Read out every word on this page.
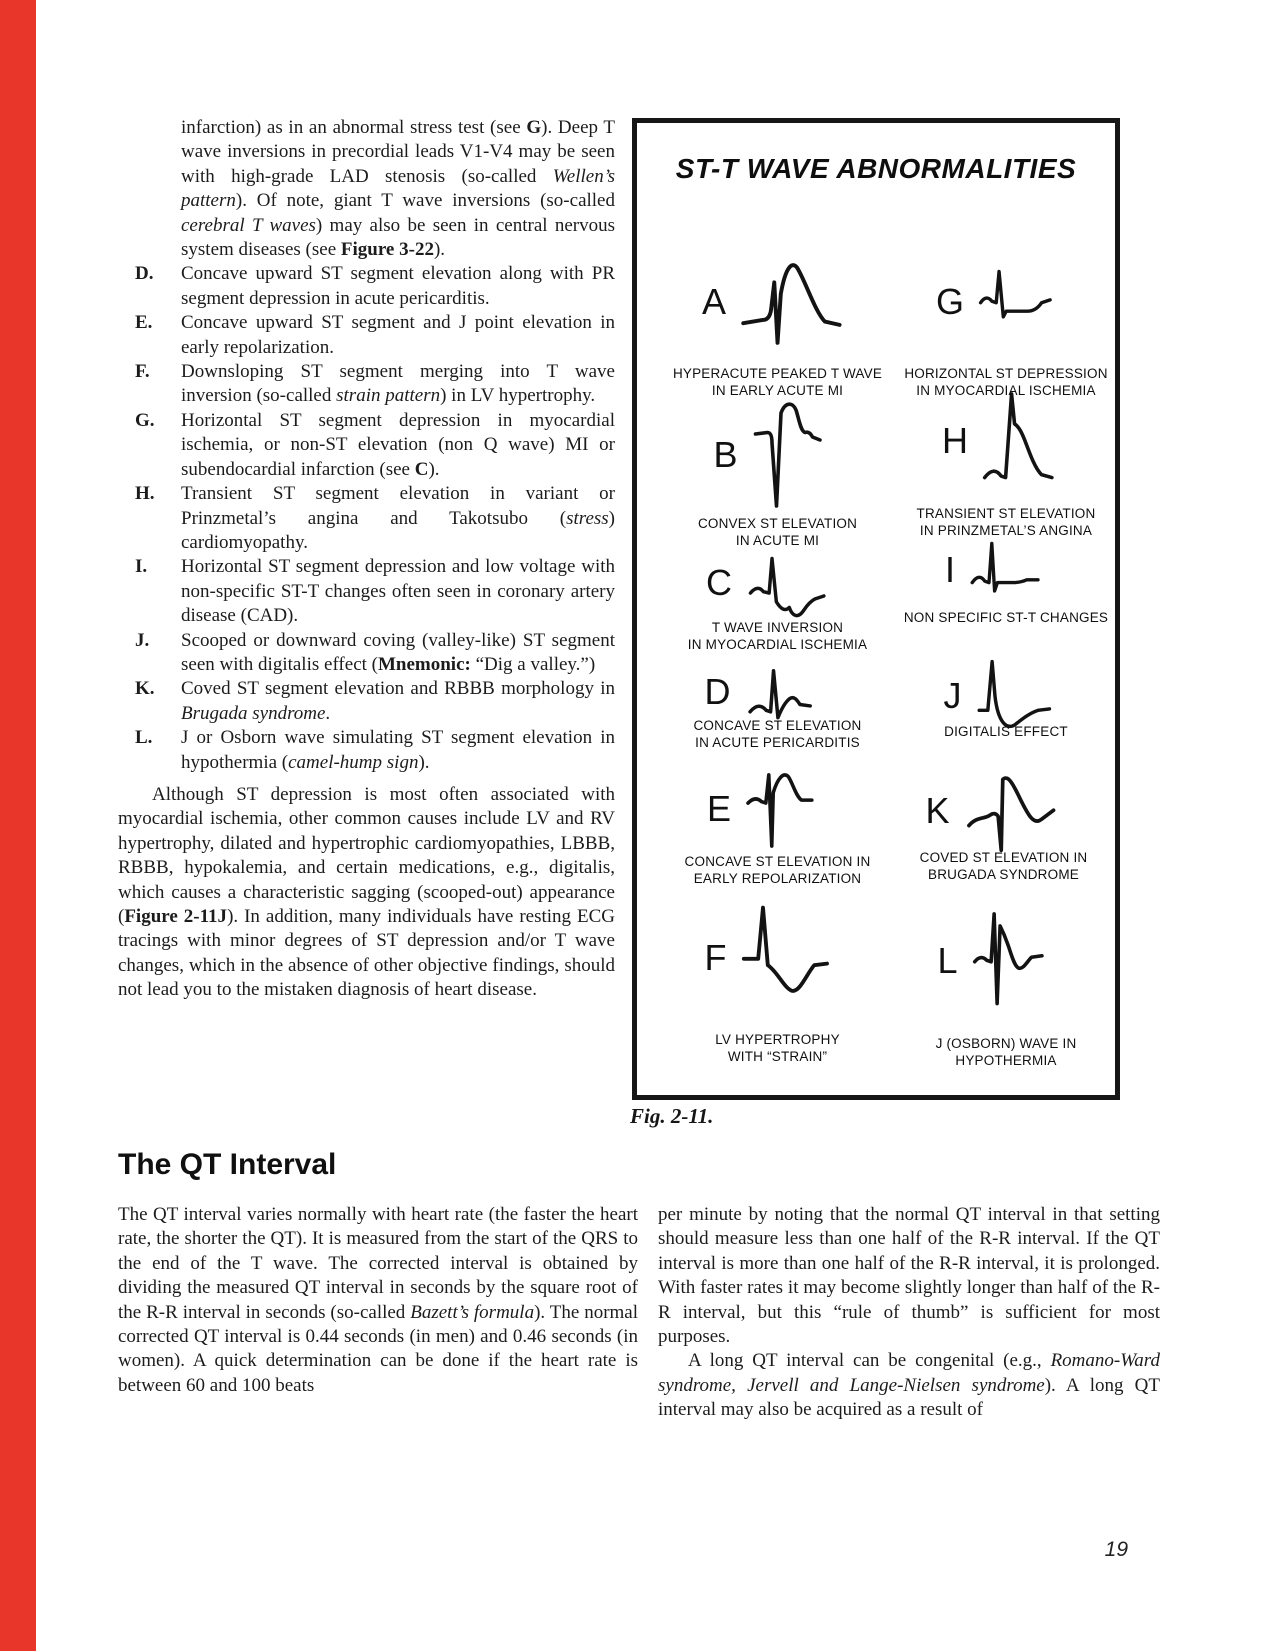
infarction) as in an abnormal stress test (see G). Deep T wave inversions in precordial leads V1-V4 may be seen with high-grade LAD stenosis (so-called Wellen’s pattern). Of note, giant T wave inversions (so-called cerebral T waves) may also be seen in central nervous system diseases (see Figure 3-22).

D. Concave upward ST segment elevation along with PR segment depression in acute pericarditis.
E. Concave upward ST segment and J point elevation in early repolarization.
F. Downsloping ST segment merging into T wave inversion (so-called strain pattern) in LV hypertrophy.
G. Horizontal ST segment depression in myocardial ischemia, or non-ST elevation (non Q wave) MI or subendocardial infarction (see C).
H. Transient ST segment elevation in variant or Prinzmetal’s angina and Takotsubo (stress) cardiomyopathy.
I. Horizontal ST segment depression and low voltage with non-specific ST-T changes often seen in coronary artery disease (CAD).
J. Scooped or downward coving (valley-like) ST segment seen with digitalis effect (Mnemonic: “Dig a valley.”)
K. Coved ST segment elevation and RBBB morphology in Brugada syndrome.
L. J or Osborn wave simulating ST segment elevation in hypothermia (camel-hump sign).

Although ST depression is most often associated with myocardial ischemia, other common causes include LV and RV hypertrophy, dilated and hypertrophic cardiomyopathies, LBBB, RBBB, hypokalemia, and certain medications, e.g., digitalis, which causes a characteristic sagging (scooped-out) appearance (Figure 2-11J). In addition, many individuals have resting ECG tracings with minor degrees of ST depression and/or T wave changes, which in the absence of other objective findings, should not lead you to the mistaken diagnosis of heart disease.

ST-T WAVE ABNORMALITIES
A
HYPERACUTE PEAKED T WAVE
IN EARLY ACUTE MI
B
CONVEX ST ELEVATION
IN ACUTE MI
C
T WAVE INVERSION
IN MYOCARDIAL ISCHEMIA
D
CONCAVE ST ELEVATION
IN ACUTE PERICARDITIS
E
CONCAVE ST ELEVATION IN
EARLY REPOLARIZATION
F
LV HYPERTROPHY
WITH “STRAIN”
G
HORIZONTAL ST DEPRESSION
IN MYOCARDIAL ISCHEMIA
H
TRANSIENT ST ELEVATION
IN PRINZMETAL’S ANGINA
I
NON SPECIFIC ST-T CHANGES
J
DIGITALIS EFFECT
K
COVED ST ELEVATION IN
BRUGADA SYNDROME
L
J (OSBORN) WAVE IN
HYPOTHERMIA
Fig. 2-11.
The QT Interval

The QT interval varies normally with heart rate (the faster the heart rate, the shorter the QT). It is measured from the start of the QRS to the end of the T wave. The corrected interval is obtained by dividing the measured QT interval in seconds by the square root of the R-R interval in seconds (so-called Bazett’s formula). The normal corrected QT interval is 0.44 seconds (in men) and 0.46 seconds (in women). A quick determination can be done if the heart rate is between 60 and 100 beats

per minute by noting that the normal QT interval in that setting should measure less than one half of the R-R interval. If the QT interval is more than one half of the R-R interval, it is prolonged. With faster rates it may become slightly longer than half of the R-R interval, but this “rule of thumb” is sufficient for most purposes.

A long QT interval can be congenital (e.g., Romano-Ward syndrome, Jervell and Lange-Nielsen syndrome). A long QT interval may also be acquired as a result of

19
